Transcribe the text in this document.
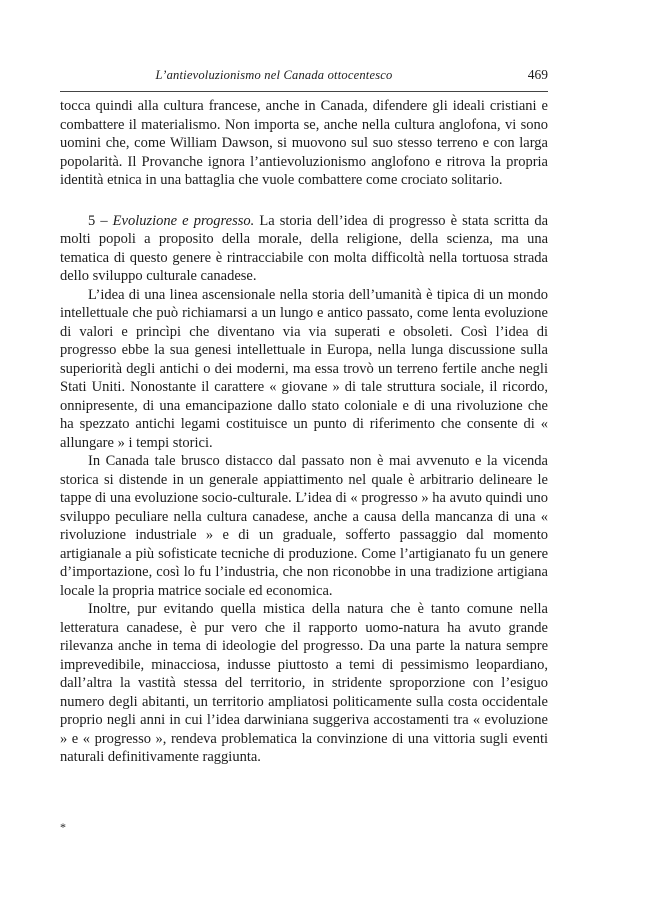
L’antievoluzionismo nel Canada ottocentesco	469

tocca quindi alla cultura francese, anche in Canada, difendere gli ideali cristiani e combattere il materialismo. Non importa se, anche nella cultura anglofona, vi sono uomini che, come William Dawson, si muovono sul suo stesso terreno e con larga popolarità. Il Provanche ignora l’antievoluzionismo anglofono e ritrova la propria identità etnica in una battaglia che vuole combattere come crociato solitario.

5 – Evoluzione e progresso. La storia dell’idea di progresso è stata scritta da molti popoli a proposito della morale, della religione, della scienza, ma una tematica di questo genere è rintracciabile con molta difficoltà nella tortuosa strada dello sviluppo culturale canadese.

L’idea di una linea ascensionale nella storia dell’umanità è tipica di un mondo intellettuale che può richiamarsi a un lungo e antico passato, come lenta evoluzione di valori e princìpi che diventano via via superati e obsoleti. Così l’idea di progresso ebbe la sua genesi intellettuale in Europa, nella lunga discussione sulla superiorità degli antichi o dei moderni, ma essa trovò un terreno fertile anche negli Stati Uniti. Nonostante il carattere « giovane » di tale struttura sociale, il ricordo, onnipresente, di una emancipazione dallo stato coloniale e di una rivoluzione che ha spezzato antichi legami costituisce un punto di riferimento che consente di « allungare » i tempi storici.

In Canada tale brusco distacco dal passato non è mai avvenuto e la vicenda storica si distende in un generale appiattimento nel quale è arbitrario delineare le tappe di una evoluzione socio-culturale. L’idea di « progresso » ha avuto quindi uno sviluppo peculiare nella cultura canadese, anche a causa della mancanza di una « rivoluzione industriale » e di un graduale, sofferto passaggio dal momento artigianale a più sofisticate tecniche di produzione. Come l’artigianato fu un genere d’importazione, così lo fu l’industria, che non riconobbe in una tradizione artigiana locale la propria matrice sociale ed economica.

Inoltre, pur evitando quella mistica della natura che è tanto comune nella letteratura canadese, è pur vero che il rapporto uomo-natura ha avuto grande rilevanza anche in tema di ideologie del progresso. Da una parte la natura sempre imprevedibile, minacciosa, indusse piuttosto a temi di pessimismo leopardiano, dall’altra la vastità stessa del territorio, in stridente sproporzione con l’esiguo numero degli abitanti, un territorio ampliatosi politicamente sulla costa occidentale proprio negli anni in cui l’idea darwiniana suggeriva accostamenti tra « evoluzione » e « progresso », rendeva problematica la convinzione di una vittoria sugli eventi naturali definitivamente raggiunta.

*
